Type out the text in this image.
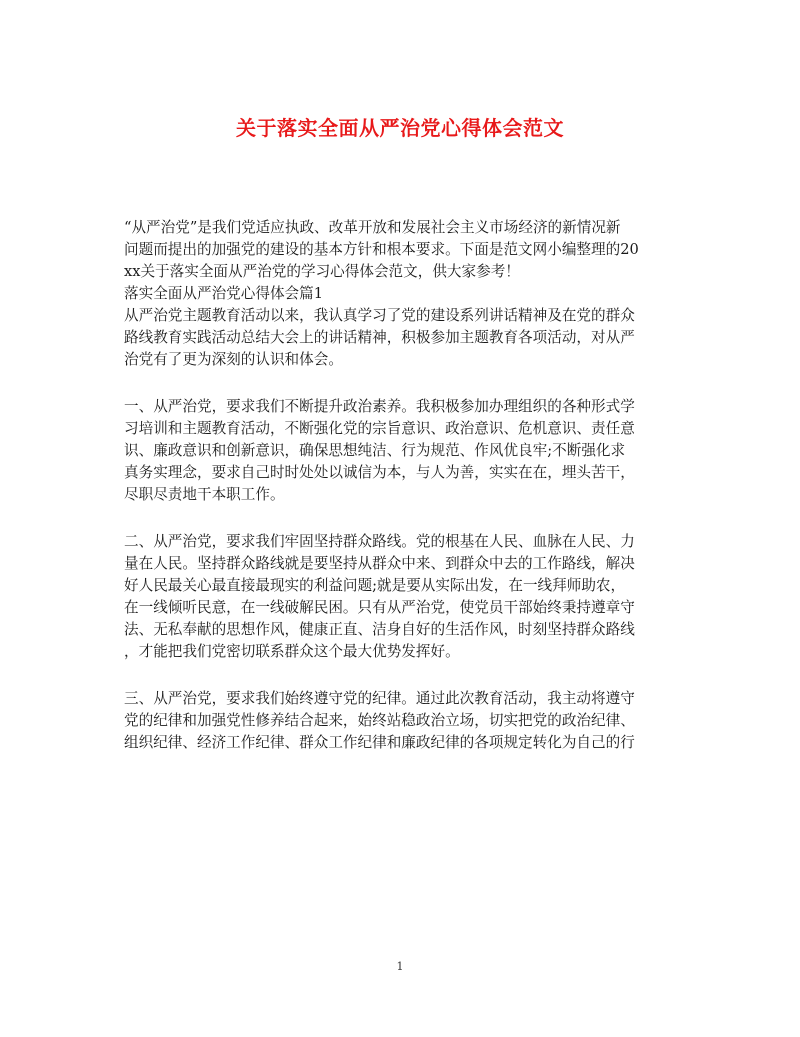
关于落实全面从严治党心得体会范文
“从严治党”是我们党适应执政、改革开放和发展社会主义市场经济的新情况新
问题而提出的加强党的建设的基本方针和根本要求。下面是范文网小编整理的20
xx关于落实全面从严治党的学习心得体会范文，供大家参考！
落实全面从严治党心得体会篇1
从严治党主题教育活动以来，我认真学习了党的建设系列讲话精神及在党的群众
路线教育实践活动总结大会上的讲话精神，积极参加主题教育各项活动，对从严
治党有了更为深刻的认识和体会。
一、从严治党，要求我们不断提升政治素养。我积极参加办理组织的各种形式学
习培训和主题教育活动，不断强化党的宗旨意识、政治意识、危机意识、责任意
识、廉政意识和创新意识，确保思想纯洁、行为规范、作风优良牢;不断强化求
真务实理念，要求自己时时处处以诚信为本，与人为善，实实在在，埋头苦干，
尽职尽责地干本职工作。
二、从严治党，要求我们牢固坚持群众路线。党的根基在人民、血脉在人民、力
量在人民。坚持群众路线就是要坚持从群众中来、到群众中去的工作路线，解决
好人民最关心最直接最现实的利益问题;就是要从实际出发，在一线拜师助农，
在一线倾听民意，在一线破解民困。只有从严治党，使党员干部始终秉持遵章守
法、无私奉献的思想作风，健康正直、洁身自好的生活作风，时刻坚持群众路线
，才能把我们党密切联系群众这个最大优势发挥好。
三、从严治党，要求我们始终遵守党的纪律。通过此次教育活动，我主动将遵守
党的纪律和加强党性修养结合起来，始终站稳政治立场，切实把党的政治纪律、
组织纪律、经济工作纪律、群众工作纪律和廉政纪律的各项规定转化为自己的行
1
